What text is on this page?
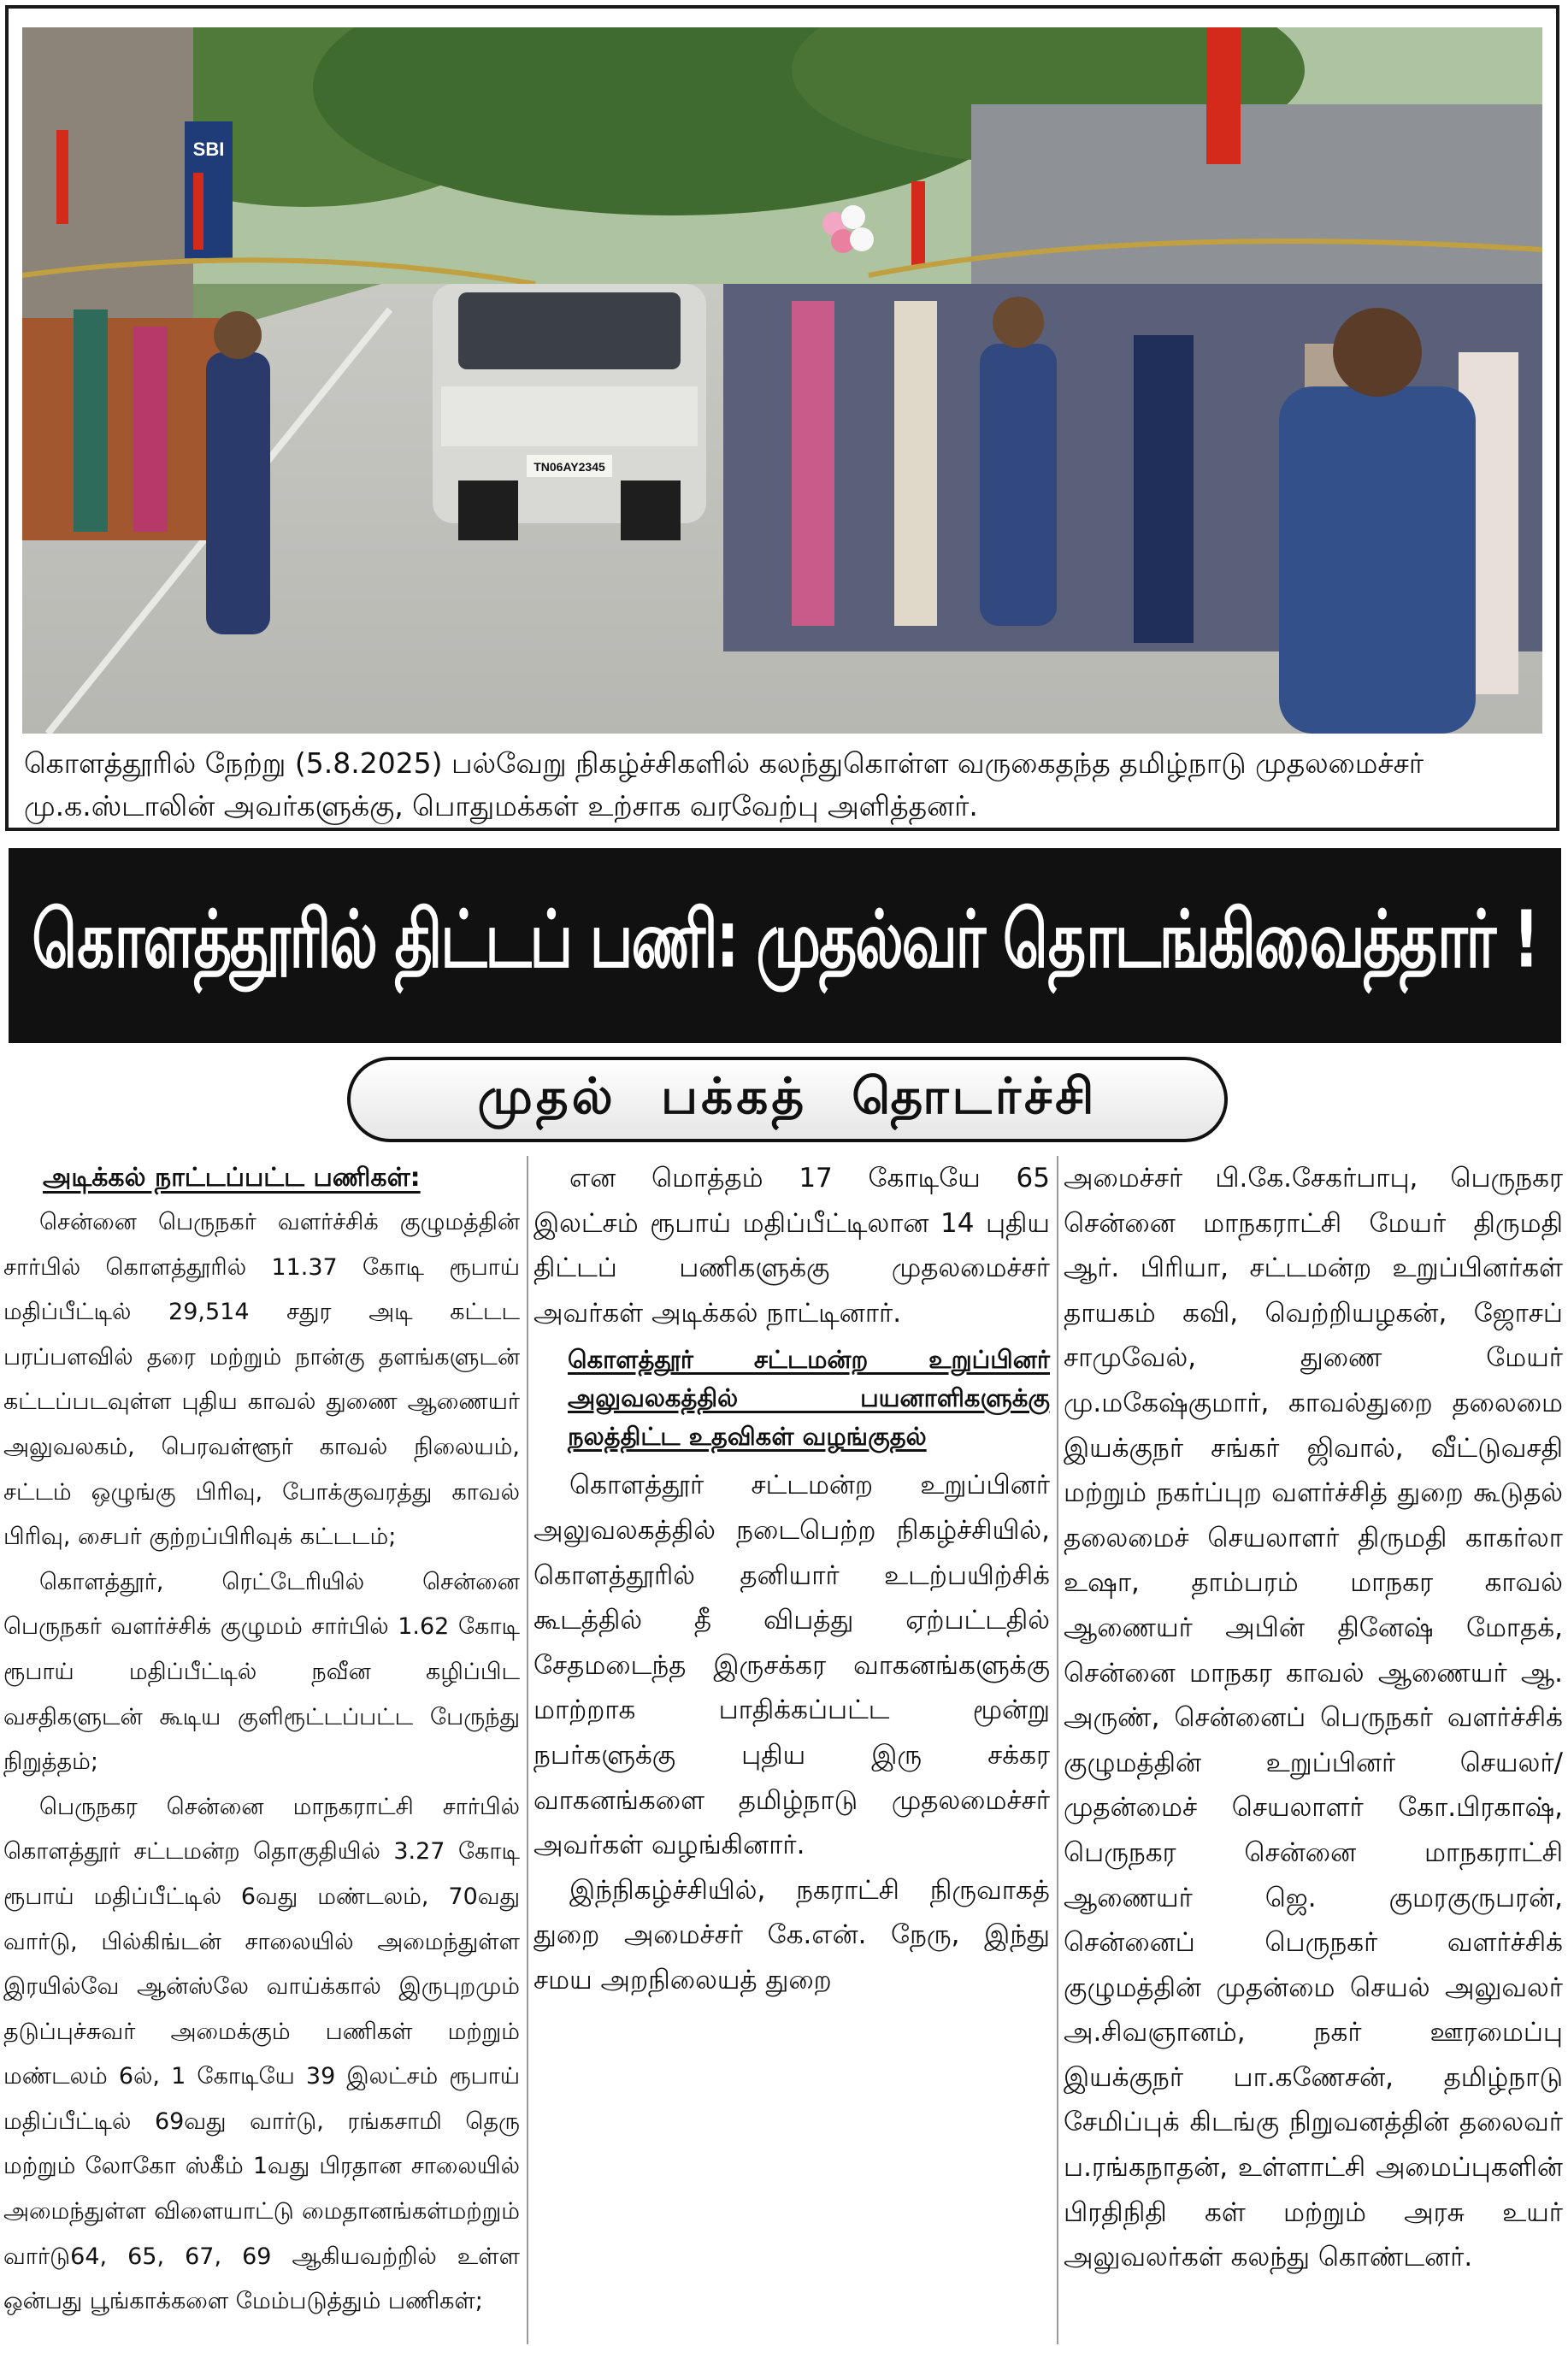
SBI
TN06AY2345
கொளத்தூரில் நேற்று (5.8.2025) பல்வேறு நிகழ்ச்சிகளில் கலந்துகொள்ள வருகைதந்த தமிழ்நாடு முதலமைச்சர் மு.க.ஸ்டாலின் அவர்களுக்கு, பொதுமக்கள் உற்சாக வரவேற்பு அளித்தனர்.
கொளத்தூரில் திட்டப் பணி: முதல்வர் தொடங்கிவைத்தார் !
முதல் பக்கத் தொடர்ச்சி
அடிக்கல் நாட்டப்பட்ட பணிகள்:

சென்னை பெருநகர் வளர்ச்சிக் குழுமத்தின் சார்பில் கொளத்தூரில் 11.37 கோடி ரூபாய் மதிப்பீட்டில் 29,514 சதுர அடி கட்டட பரப்பளவில் தரை மற்றும் நான்கு தளங்களுடன் கட்டப்படவுள்ள புதிய காவல் துணை ஆணையர் அலுவலகம், பெரவள்ளூர் காவல் நிலையம், சட்டம் ஒழுங்கு பிரிவு, போக்குவரத்து காவல் பிரிவு, சைபர் குற்றப்பிரிவுக் கட்டடம்;

கொளத்தூர், ரெட்டேரியில் சென்னை பெருநகர் வளர்ச்சிக் குழுமம் சார்பில் 1.62 கோடி ரூபாய் மதிப்பீட்டில் நவீன கழிப்பிட வசதிகளுடன் கூடிய குளிரூட்டப்பட்ட பேருந்து நிறுத்தம்;

பெருநகர சென்னை மாநகராட்சி சார்பில் கொளத்தூர் சட்டமன்ற தொகுதியில் 3.27 கோடி ரூபாய் மதிப்பீட்டில் 6வது மண்டலம், 70வது வார்டு, பில்கிங்டன் சாலையில் அமைந்துள்ள இரயில்வே ஆன்ஸ்லே வாய்க்கால் இருபுறமும் தடுப்புச்சுவர் அமைக்கும் பணிகள் மற்றும் மண்டலம் 6ல், 1 கோடியே 39 இலட்சம் ரூபாய் மதிப்பீட்டில் 69வது வார்டு, ரங்கசாமி தெரு மற்றும் லோகோ ஸ்கீம் 1வது பிரதான சாலையில் அமைந்துள்ள விளையாட்டு மைதானங்கள்மற்றும் வார்டு64, 65, 67, 69 ஆகியவற்றில் உள்ள ஒன்பது பூங்காக்களை மேம்படுத்தும் பணிகள்;

என மொத்தம் 17 கோடியே 65 இலட்சம் ரூபாய் மதிப்பீட்டிலான 14 புதிய திட்டப் பணிகளுக்கு முதலமைச்சர் அவர்கள் அடிக்கல் நாட்டினார்.

கொளத்தூர் சட்டமன்ற உறுப்பினர் அலுவலகத்தில் பயனாளிகளுக்கு நலத்திட்ட உதவிகள் வழங்குதல்

கொளத்தூர் சட்டமன்ற உறுப்பினர் அலுவலகத்தில் நடைபெற்ற நிகழ்ச்சியில், கொளத்தூரில் தனியார் உடற்பயிற்சிக் கூடத்தில் தீ விபத்து ஏற்பட்டதில் சேதமடைந்த இருசக்கர வாகனங்களுக்கு மாற்றாக பாதிக்கப்பட்ட மூன்று நபர்களுக்கு புதிய இரு சக்கர வாகனங்களை தமிழ்நாடு முதலமைச்சர் அவர்கள் வழங்கினார்.

இந்நிகழ்ச்சியில், நகராட்சி நிருவாகத் துறை அமைச்சர் கே.என். நேரு, இந்து சமய அறநிலையத் துறை

அமைச்சர் பி.கே.சேகர்பாபு, பெருநகர சென்னை மாநகராட்சி மேயர் திருமதி ஆர். பிரியா, சட்டமன்ற உறுப்பினர்கள் தாயகம் கவி, வெற்றியழகன், ஜோசப் சாமுவேல், துணை மேயர் மு.மகேஷ்குமார், காவல்துறை தலைமை இயக்குநர் சங்கர் ஜிவால், வீட்டுவசதி மற்றும் நகர்ப்புற வளர்ச்சித் துறை கூடுதல் தலைமைச் செயலாளர் திருமதி காகர்லா உஷா, தாம்பரம் மாநகர காவல் ஆணையர் அபின் தினேஷ் மோதக், சென்னை மாநகர காவல் ஆணையர் ஆ. அருண், சென்னைப் பெருநகர் வளர்ச்சிக் குழுமத்தின் உறுப்பினர் செயலர்/முதன்மைச் செயலாளர் கோ.பிரகாஷ், பெருநகர சென்னை மாநகராட்சி ஆணையர் ஜெ. குமரகுருபரன், சென்னைப் பெருநகர் வளர்ச்சிக் குழுமத்தின் முதன்மை செயல் அலுவலர் அ.சிவஞானம், நகர் ஊரமைப்பு இயக்குநர் பா.கணேசன், தமிழ்நாடு சேமிப்புக் கிடங்கு நிறுவனத்தின் தலைவர் ப.ரங்கநாதன், உள்ளாட்சி அமைப்புகளின் பிரதிநிதி கள் மற்றும் அரசு உயர் அலுவலர்கள் கலந்து கொண்டனர்.
